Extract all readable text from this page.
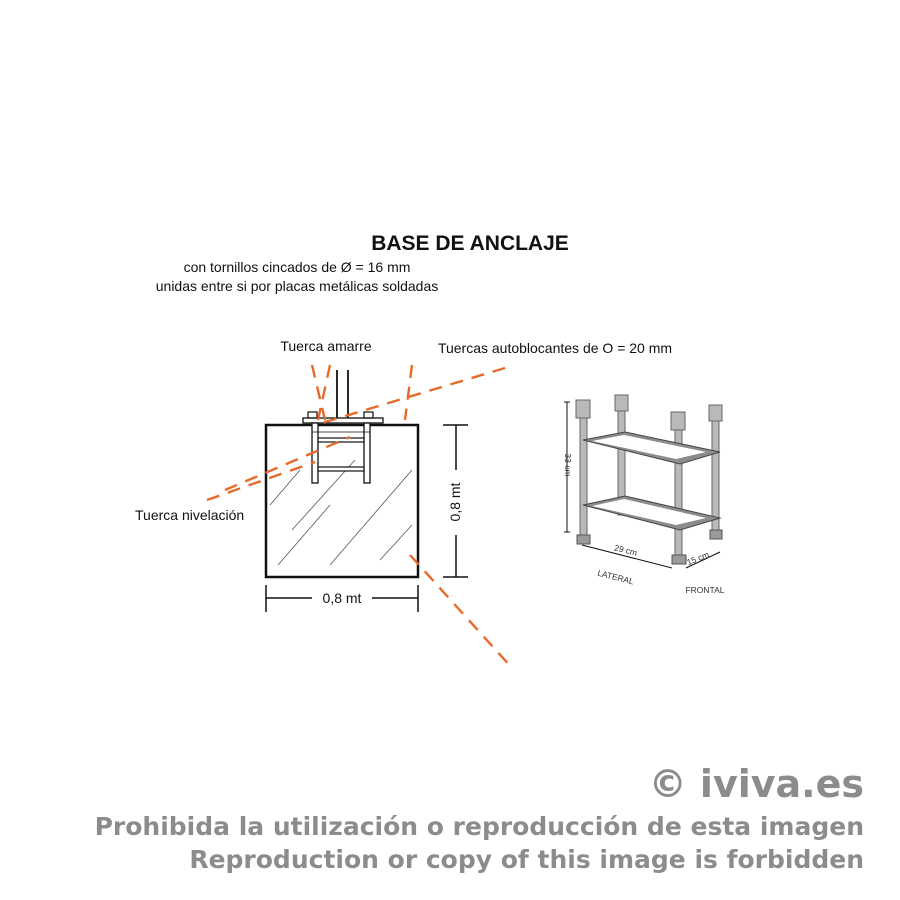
BASE DE ANCLAJE
con tornillos cincados de Ø = 16 mm
unidas entre si por placas metálicas soldadas
0,8 mt
0,8 mt
Tuerca amarre	Tuercas autoblocantes de O = 20 mm
Tuerca nivelación
33 cm
29 cm	15 cm
LATERAL
FRONTAL
© iviva.es
Prohibida la utilización o reproducción de esta imagen
Reproduction or copy of this image is forbidden
